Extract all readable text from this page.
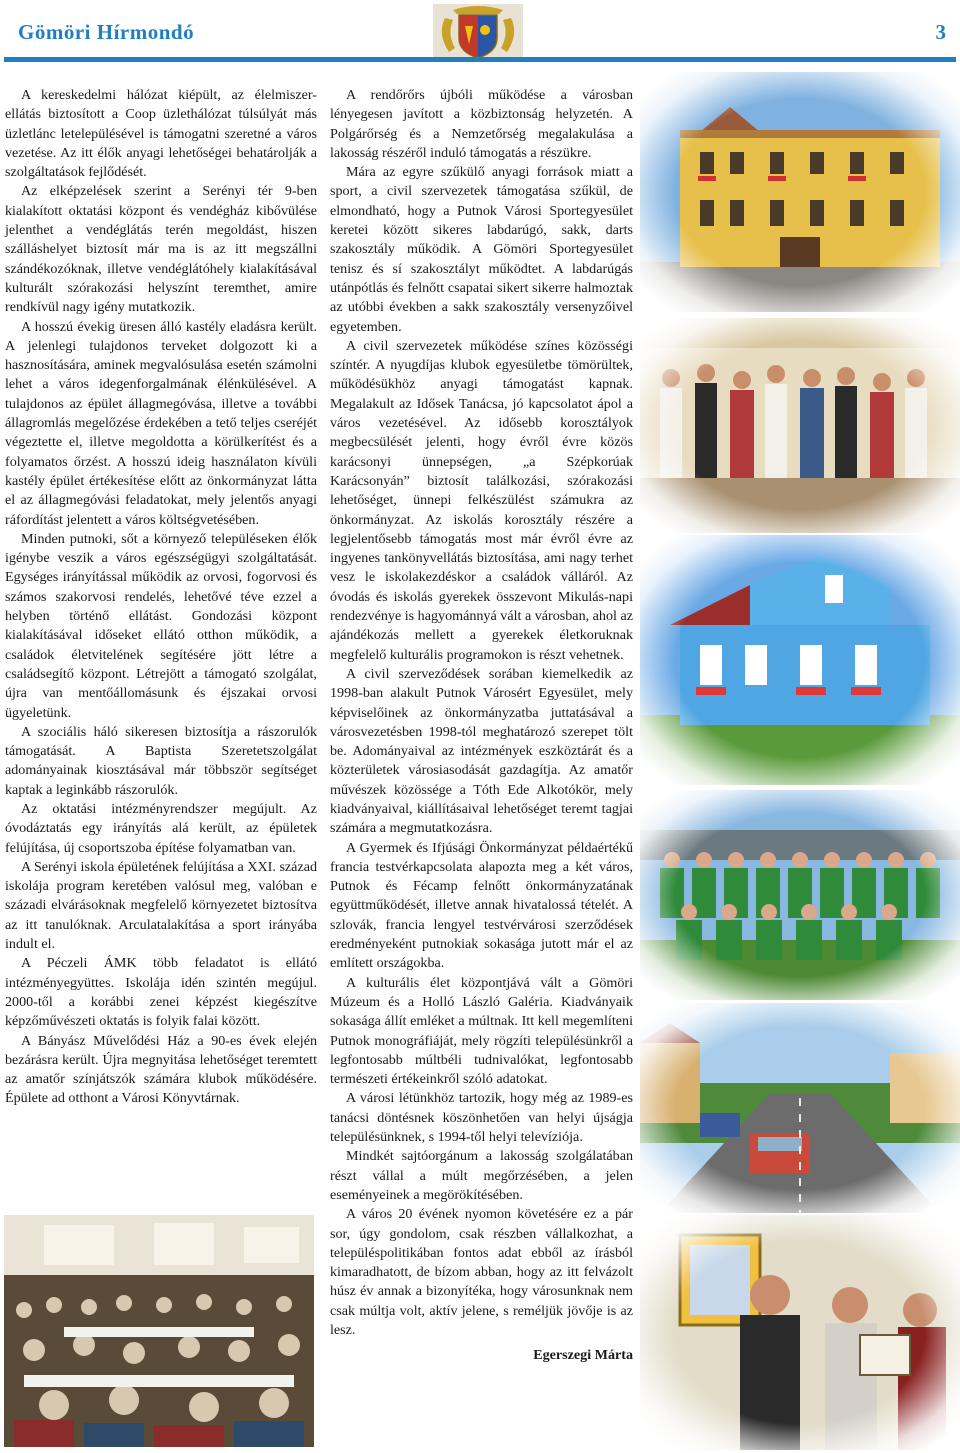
Gömöri Hírmondó	3

A kereskedelmi hálózat kiépült, az élelmiszer-ellátás biztosított a Coop üzlethálózat túlsúlyát más üzletlánc letelepülésével is támogatni szeretné a város vezetése. Az itt élők anyagi lehetőségei behatárolják a szolgáltatások fejlődését.

Az elképzelések szerint a Serényi tér 9-ben kialakított oktatási központ és vendégház kibővülése jelenthet a vendéglátás terén megoldást, hiszen szálláshelyet biztosít már ma is az itt megszállni szándékozóknak, illetve vendéglátóhely kialakításával kulturált szórakozási helyszínt teremthet, amire rendkívül nagy igény mutatkozik.

A hosszú évekig üresen álló kastély eladásra került. A jelenlegi tulajdonos terveket dolgozott ki a hasznosítására, aminek megvalósulása esetén számolni lehet a város idegenforgalmának élénkülésével. A tulajdonos az épület állagmegóvása, illetve a további állagromlás megelőzése érdekében a tető teljes cseréjét végeztette el, illetve megoldotta a körülkerítést és a folyamatos őrzést. A hosszú ideig használaton kívüli kastély épület értékesítése előtt az önkormányzat látta el az állagmegóvási feladatokat, mely jelentős anyagi ráfordítást jelentett a város költségvetésében.

Minden putnoki, sőt a környező településeken élők igénybe veszik a város egészségügyi szolgáltatását. Egységes irányítással működik az orvosi, fogorvosi és számos szakorvosi rendelés, lehetővé téve ezzel a helyben történő ellátást. Gondozási központ kialakításával időseket ellátó otthon működik, a családok életvitelének segítésére jött létre a családsegítő központ. Létrejött a támogató szolgálat, újra van mentőállomásunk és éjszakai orvosi ügyeletünk.

A szociális háló sikeresen biztosítja a rászorulók támogatását. A Baptista Szeretetszolgálat adományainak kiosztásával már többször segítséget kaptak a leginkább rászorulók.

Az oktatási intézményrendszer megújult. Az óvodáztatás egy irányítás alá került, az épületek felújítása, új csoportszoba építése folyamatban van.

A Serényi iskola épületének felújítása a XXI. század iskolája program keretében valósul meg, valóban e századi elvárásoknak megfelelő környezetet biztosítva az itt tanulóknak. Arculatalakítása a sport irányába indult el.

A Péczeli ÁMK több feladatot is ellátó intézményegyüttes. Iskolája idén szintén megújul. 2000-től a korábbi zenei képzést kiegészítve képzőművészeti oktatás is folyik falai között.

A Bányász Művelődési Ház a 90-es évek elején bezárásra került. Újra megnyitása lehetőséget teremtett az amatőr színjátszók számára klubok működésére. Épülete ad otthont a Városi Könyvtárnak.

A rendőrőrs újbóli működése a városban lényegesen javított a közbiztonság helyzetén. A Polgárőrség és a Nemzetőrség megalakulása a lakosság részéről induló támogatás a részükre.

Mára az egyre szűkülő anyagi források miatt a sport, a civil szervezetek támogatása szűkül, de elmondható, hogy a Putnok Városi Sportegyesület keretei között sikeres labdarúgó, sakk, darts szakosztály működik. A Gömöri Sportegyesület tenisz és sí szakosztályt működtet. A labdarúgás utánpótlás és felnőtt csapatai sikert sikerre halmoztak az utóbbi években a sakk szakosztály versenyzőivel egyetemben.

A civil szervezetek működése színes közösségi színtér. A nyugdíjas klubok egyesületbe tömörültek, működésükhöz anyagi támogatást kapnak. Megalakult az Idősek Tanácsa, jó kapcsolatot ápol a város vezetésével. Az idősebb korosztályok megbecsülését jelenti, hogy évről évre közös karácsonyi ünnepségen, „a Szépkorúak Karácsonyán” biztosít találkozási, szórakozási lehetőséget, ünnepi felkészülést számukra az önkormányzat. Az iskolás korosztály részére a legjelentősebb támogatás most már évről évre az ingyenes tankönyvellátás biztosítása, ami nagy terhet vesz le iskolakezdéskor a családok válláról. Az óvodás és iskolás gyerekek összevont Mikulás-napi rendezvénye is hagyománnyá vált a városban, ahol az ajándékozás mellett a gyerekek életkoruknak megfelelő kulturális programokon is részt vehetnek.

A civil szerveződések sorában kiemelkedik az 1998-ban alakult Putnok Városért Egyesület, mely képviselőinek az önkormányzatba juttatásával a városvezetésben 1998-tól meghatározó szerepet tölt be. Adományaival az intézmények eszköztárát és a közterületek városiasodását gazdagítja. Az amatőr művészek közössége a Tóth Ede Alkotókör, mely kiadványaival, kiállításaival lehetőséget teremt tagjai számára a megmutatkozásra.

A Gyermek és Ifjúsági Önkormányzat példaértékű francia testvérkapcsolata alapozta meg a két város, Putnok és Fécamp felnőtt önkormányzatának együttműködését, illetve annak hivatalossá tételét. A szlovák, francia lengyel testvérvárosi szerződések eredményeként putnokiak sokasága jutott már el az említett országokba.

A kulturális élet központjává vált a Gömöri Múzeum és a Holló László Galéria. Kiadványaik sokasága állít emléket a múltnak. Itt kell megemlíteni Putnok monográfiáját, mely rögzíti településünkről a legfontosabb múltbéli tudnivalókat, legfontosabb természeti értékeinkről szóló adatokat.

A városi létünkhöz tartozik, hogy még az 1989-es tanácsi döntésnek köszönhetően van helyi újságja településünknek, s 1994-től helyi televíziója.

Mindkét sajtóorgánum a lakosság szolgálatában részt vállal a múlt megőrzésében, a jelen eseményeinek a megörökítésében.

A város 20 évének nyomon követésére ez a pár sor, úgy gondolom, csak részben vállalkozhat, a településpolitikában fontos adat ebből az írásból kimaradhatott, de bízom abban, hogy az itt felvázolt húsz év annak a bizonyítéka, hogy városunknak nem csak múltja volt, aktív jelene, s reméljük jövője is az lesz.

Egerszegi Márta
